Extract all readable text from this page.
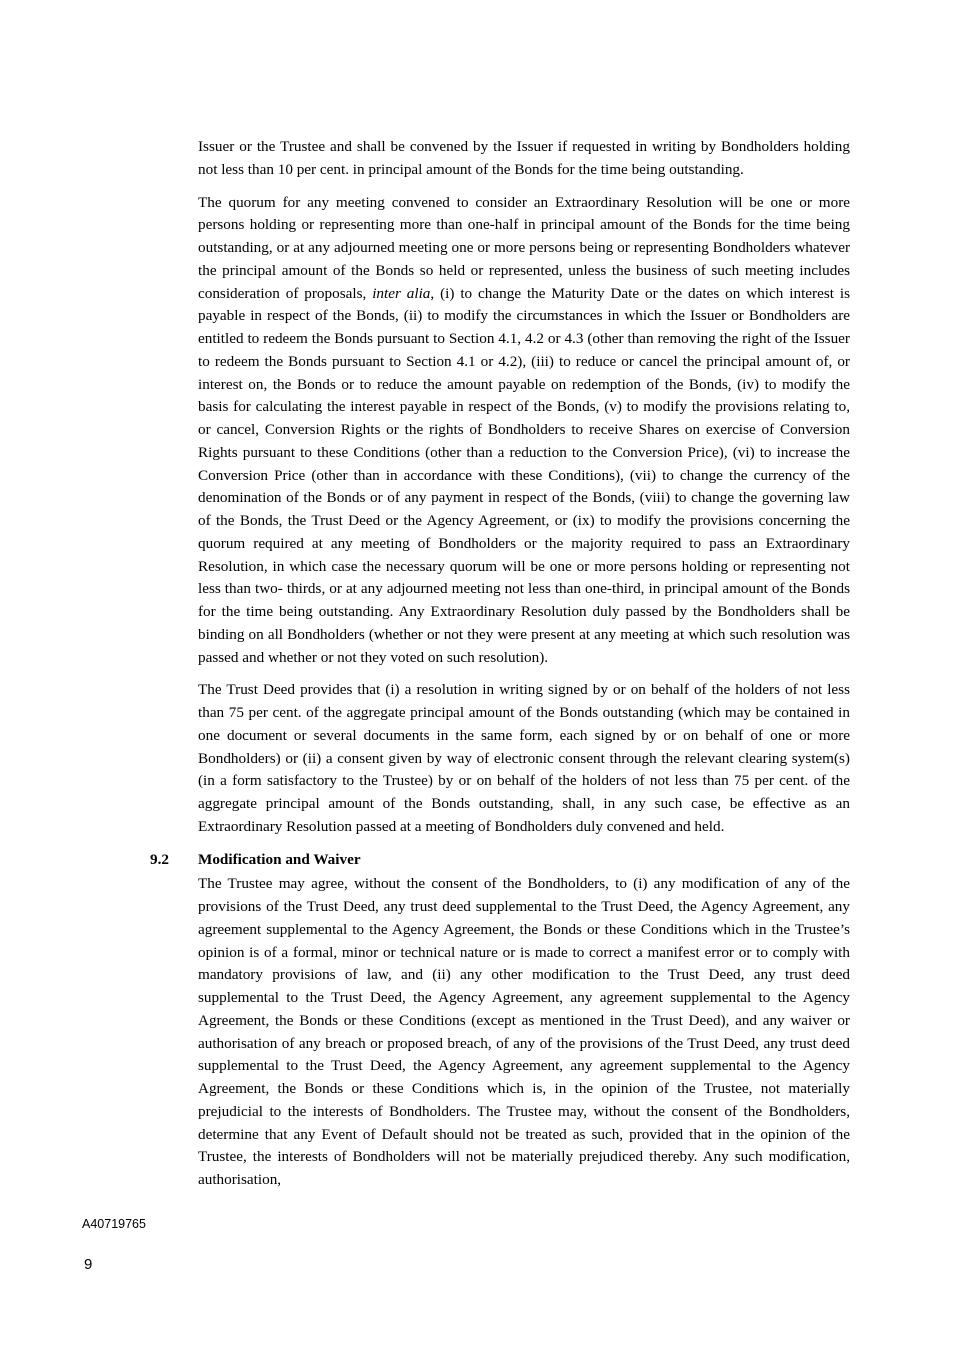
Issuer or the Trustee and shall be convened by the Issuer if requested in writing by Bondholders holding not less than 10 per cent. in principal amount of the Bonds for the time being outstanding.

The quorum for any meeting convened to consider an Extraordinary Resolution will be one or more persons holding or representing more than one-half in principal amount of the Bonds for the time being outstanding, or at any adjourned meeting one or more persons being or representing Bondholders whatever the principal amount of the Bonds so held or represented, unless the business of such meeting includes consideration of proposals, inter alia, (i) to change the Maturity Date or the dates on which interest is payable in respect of the Bonds, (ii) to modify the circumstances in which the Issuer or Bondholders are entitled to redeem the Bonds pursuant to Section 4.1, 4.2 or 4.3 (other than removing the right of the Issuer to redeem the Bonds pursuant to Section 4.1 or 4.2), (iii) to reduce or cancel the principal amount of, or interest on, the Bonds or to reduce the amount payable on redemption of the Bonds, (iv) to modify the basis for calculating the interest payable in respect of the Bonds, (v) to modify the provisions relating to, or cancel, Conversion Rights or the rights of Bondholders to receive Shares on exercise of Conversion Rights pursuant to these Conditions (other than a reduction to the Conversion Price), (vi) to increase the Conversion Price (other than in accordance with these Conditions), (vii) to change the currency of the denomination of the Bonds or of any payment in respect of the Bonds, (viii) to change the governing law of the Bonds, the Trust Deed or the Agency Agreement, or (ix) to modify the provisions concerning the quorum required at any meeting of Bondholders or the majority required to pass an Extraordinary Resolution, in which case the necessary quorum will be one or more persons holding or representing not less than two- thirds, or at any adjourned meeting not less than one-third, in principal amount of the Bonds for the time being outstanding. Any Extraordinary Resolution duly passed by the Bondholders shall be binding on all Bondholders (whether or not they were present at any meeting at which such resolution was passed and whether or not they voted on such resolution).

The Trust Deed provides that (i) a resolution in writing signed by or on behalf of the holders of not less than 75 per cent. of the aggregate principal amount of the Bonds outstanding (which may be contained in one document or several documents in the same form, each signed by or on behalf of one or more Bondholders) or (ii) a consent given by way of electronic consent through the relevant clearing system(s) (in a form satisfactory to the Trustee) by or on behalf of the holders of not less than 75 per cent. of the aggregate principal amount of the Bonds outstanding, shall, in any such case, be effective as an Extraordinary Resolution passed at a meeting of Bondholders duly convened and held.

9.2 Modification and Waiver

The Trustee may agree, without the consent of the Bondholders, to (i) any modification of any of the provisions of the Trust Deed, any trust deed supplemental to the Trust Deed, the Agency Agreement, any agreement supplemental to the Agency Agreement, the Bonds or these Conditions which in the Trustee’s opinion is of a formal, minor or technical nature or is made to correct a manifest error or to comply with mandatory provisions of law, and (ii) any other modification to the Trust Deed, any trust deed supplemental to the Trust Deed, the Agency Agreement, any agreement supplemental to the Agency Agreement, the Bonds or these Conditions (except as mentioned in the Trust Deed), and any waiver or authorisation of any breach or proposed breach, of any of the provisions of the Trust Deed, any trust deed supplemental to the Trust Deed, the Agency Agreement, any agreement supplemental to the Agency Agreement, the Bonds or these Conditions which is, in the opinion of the Trustee, not materially prejudicial to the interests of Bondholders. The Trustee may, without the consent of the Bondholders, determine that any Event of Default should not be treated as such, provided that in the opinion of the Trustee, the interests of Bondholders will not be materially prejudiced thereby. Any such modification, authorisation,

A40719765
9
